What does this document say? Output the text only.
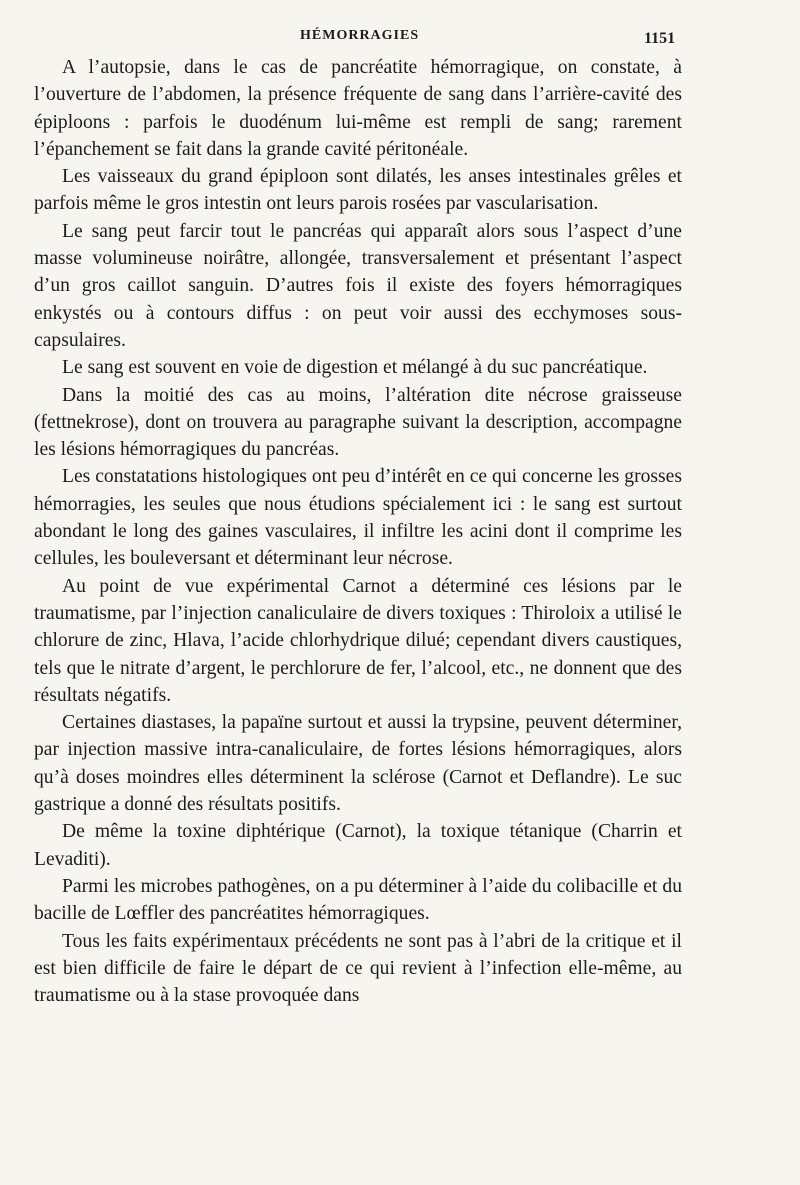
HÉMORRAGIES	1151

A l’autopsie, dans le cas de pancréatite hémorragique, on constate, à l’ouverture de l’abdomen, la présence fréquente de sang dans l’arrière-cavité des épiploons : parfois le duodénum lui-même est rempli de sang; rarement l’épanchement se fait dans la grande cavité péritonéale.

Les vaisseaux du grand épiploon sont dilatés, les anses intestinales grêles et parfois même le gros intestin ont leurs parois rosées par vascularisation.

Le sang peut farcir tout le pancréas qui apparaît alors sous l’aspect d’une masse volumineuse noirâtre, allongée, transversalement et présentant l’aspect d’un gros caillot sanguin. D’autres fois il existe des foyers hémorragiques enkystés ou à contours diffus : on peut voir aussi des ecchymoses sous-capsulaires.

Le sang est souvent en voie de digestion et mélangé à du suc pancréatique.

Dans la moitié des cas au moins, l’altération dite nécrose graisseuse (fettnekrose), dont on trouvera au paragraphe suivant la description, accompagne les lésions hémorragiques du pancréas.

Les constatations histologiques ont peu d’intérêt en ce qui concerne les grosses hémorragies, les seules que nous étudions spécialement ici : le sang est surtout abondant le long des gaines vasculaires, il infiltre les acini dont il comprime les cellules, les bouleversant et déterminant leur nécrose.

Au point de vue expérimental Carnot a déterminé ces lésions par le traumatisme, par l’injection canaliculaire de divers toxiques : Thiroloix a utilisé le chlorure de zinc, Hlava, l’acide chlorhydrique dilué; cependant divers caustiques, tels que le nitrate d’argent, le perchlorure de fer, l’alcool, etc., ne donnent que des résultats négatifs.

Certaines diastases, la papaïne surtout et aussi la trypsine, peuvent déterminer, par injection massive intra-canaliculaire, de fortes lésions hémorragiques, alors qu’à doses moindres elles déterminent la sclérose (Carnot et Deflandre). Le suc gastrique a donné des résultats positifs.

De même la toxine diphtérique (Carnot), la toxique tétanique (Charrin et Levaditi).

Parmi les microbes pathogènes, on a pu déterminer à l’aide du colibacille et du bacille de Lœffler des pancréatites hémorragiques.

Tous les faits expérimentaux précédents ne sont pas à l’abri de la critique et il est bien difficile de faire le départ de ce qui revient à l’infection elle-même, au traumatisme ou à la stase provoquée dans
